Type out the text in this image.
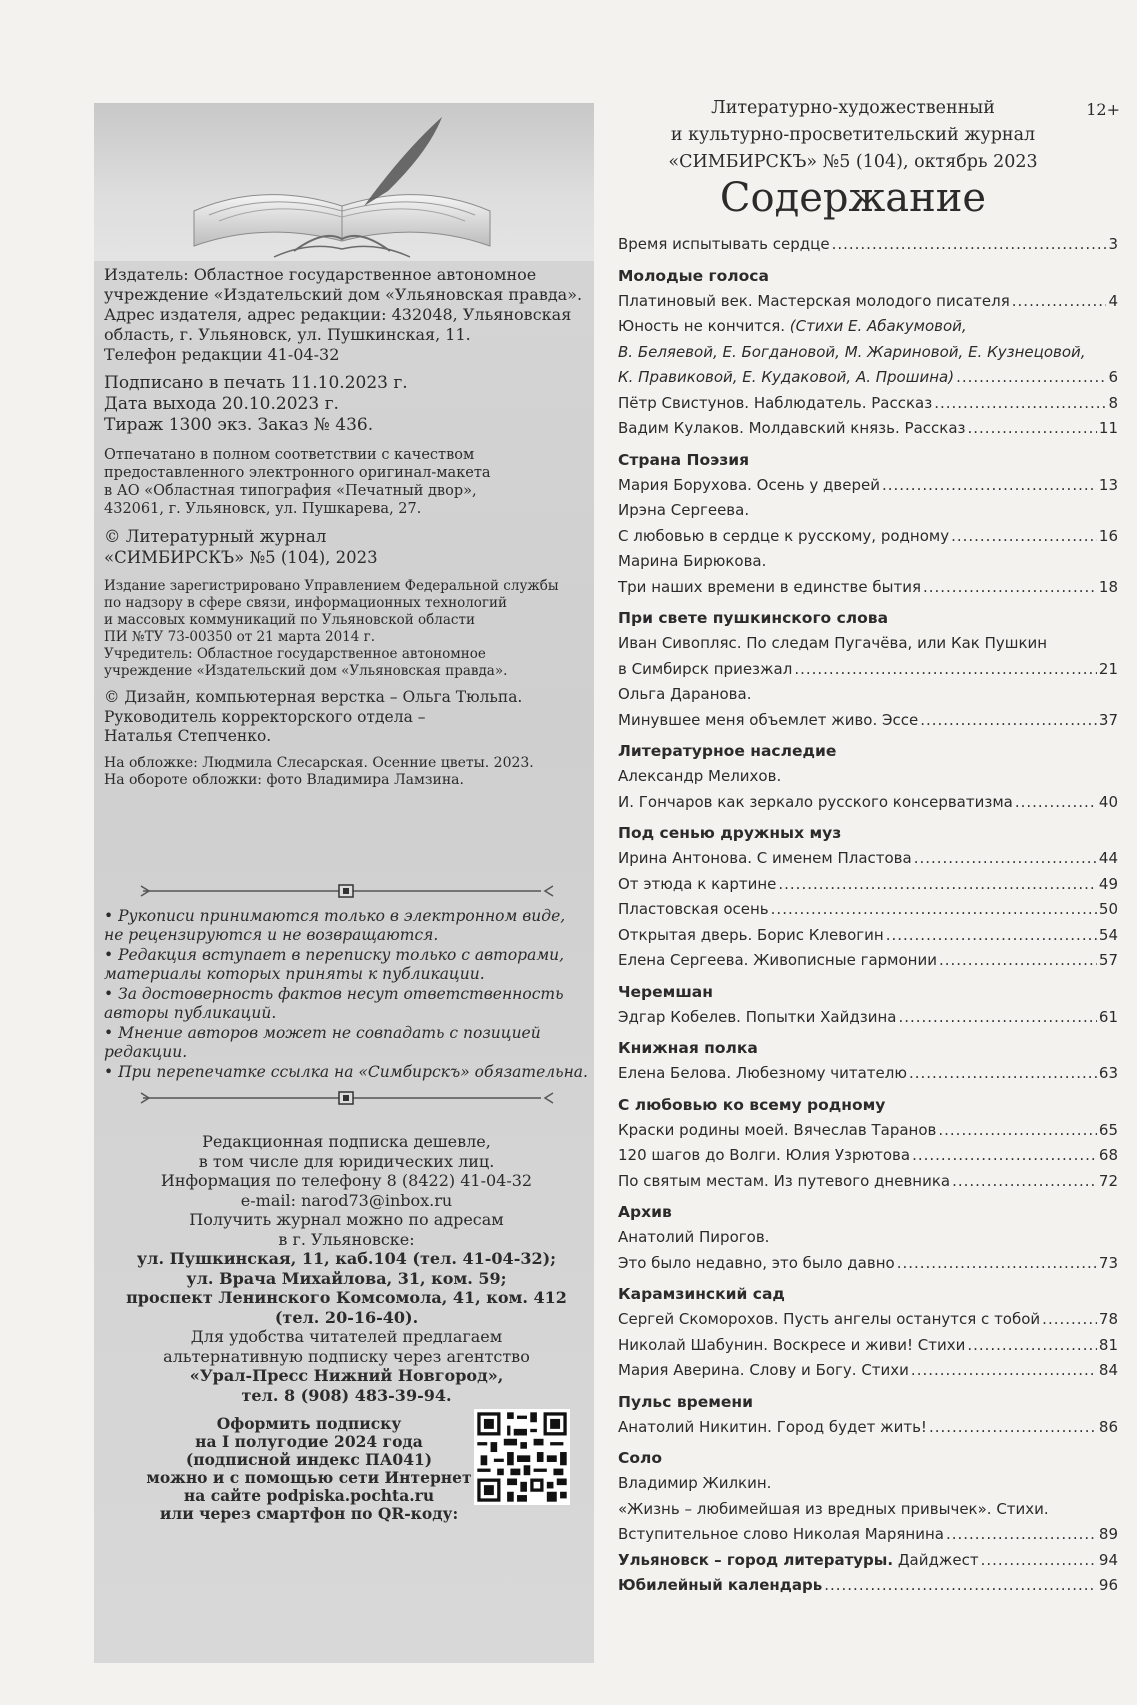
Издатель: Областное государственное автономное
учреждение «Издательский дом «Ульяновская правда».
Адрес издателя, адрес редакции: 432048, Ульяновская
область, г. Ульяновск, ул. Пушкинская, 11.
Телефон редакции 41-04-32

Подписано в печать 11.10.2023 г.
Дата выхода 20.10.2023 г.
Тираж 1300 экз. Заказ № 436.

Отпечатано в полном соответствии с качеством
предоставленного электронного оригинал-макета
в АО «Областная типография «Печатный двор»,
432061, г. Ульяновск, ул. Пушкарева, 27.

© Литературный журнал
«СИМБИРСКЪ» №5 (104), 2023

Издание зарегистрировано Управлением Федеральной службы
по надзору в сфере связи, информационных технологий
и массовых коммуникаций по Ульяновской области
ПИ №ТУ 73-00350 от 21 марта 2014 г.
Учредитель: Областное государственное автономное
учреждение «Издательский дом «Ульяновская правда».

© Дизайн, компьютерная верстка – Ольга Тюльпа.
Руководитель корректорского отдела –
Наталья Степченко.

На обложке: Людмила Слесарская. Осенние цветы. 2023.
На обороте обложки: фото Владимира Ламзина.

• Рукописи принимаются только в электронном виде,
не рецензируются и не возвращаются.
• Редакция вступает в переписку только с авторами,
материалы которых приняты к публикации.
• За достоверность фактов несут ответственность
авторы публикаций.
• Мнение авторов может не совпадать с позицией
редакции.
• При перепечатке ссылка на «Симбирскъ» обязательна.

Редакционная подписка дешевле,
в том числе для юридических лиц.
Информация по телефону 8 (8422) 41-04-32
e-mail: narod73@inbox.ru
Получить журнал можно по адресам
в г. Ульяновске:
ул. Пушкинская, 11, каб.104 (тел. 41-04-32);
ул. Врача Михайлова, 31, ком. 59;
проспект Ленинского Комсомола, 41, ком. 412
(тел. 20-16-40).
Для удобства читателей предлагаем
альтернативную подписку через агентство
«Урал-Пресс Нижний Новгород»,
тел. 8 (908) 483-39-94.
Оформить подписку
на I полугодие 2024 года
(подписной индекс ПА041)
можно и с помощью сети Интернет
на сайте podpiska.pochta.ru
или через смартфон по QR-коду:
12+
Литературно-художественный
и культурно-просветительский журнал
«СИМБИРСКЪ» №5 (104), октябрь 2023
Содержание
Время испытывать сердце .....	3
Молодые голоса
Платиновый век. Мастерская молодого писателя .....	4
Юность не кончится. (Стихи Е. Абакумовой,
В. Беляевой, Е. Богдановой, М. Жариновой, Е. Кузнецовой,
К. Правиковой, Е. Кудаковой, А. Прошина) .....	6
Пётр Свистунов. Наблюдатель. Рассказ .....	8
Вадим Кулаков. Молдавский князь. Рассказ .....	11
Страна Поэзия
Мария Борухова. Осень у дверей .....	13
Ирэна Сергеева.
С любовью в сердце к русскому, родному .....	16
Марина Бирюкова.
Три наших времени в единстве бытия .....	18
При свете пушкинского слова
Иван Сивопляс. По следам Пугачёва, или Как Пушкин
в Симбирск приезжал .....	21
Ольга Даранова.
Минувшее меня объемлет живо. Эссе .....	37
Литературное наследие
Александр Мелихов.
И. Гончаров как зеркало русского консерватизма .....	40
Под сенью дружных муз
Ирина Антонова. С именем Пластова .....	44
От этюда к картине .....	49
Пластовская осень .....	50
Открытая дверь. Борис Клевогин .....	54
Елена Сергеева. Живописные гармонии .....	57
Черемшан
Эдгар Кобелев. Попытки Хайдзина .....	61
Книжная полка
Елена Белова. Любезному читателю .....	63
С любовью ко всему родному
Краски родины моей. Вячеслав Таранов .....	65
120 шагов до Волги. Юлия Узрютова .....	68
По святым местам. Из путевого дневника .....	72
Архив
Анатолий Пирогов.
Это было недавно, это было давно .....	73
Карамзинский сад
Сергей Скоморохов. Пусть ангелы останутся с тобой .....	78
Николай Шабунин. Воскресе и живи! Стихи .....	81
Мария Аверина. Слову и Богу. Стихи .....	84
Пульс времени
Анатолий Никитин. Город будет жить! .....	86
Соло
Владимир Жилкин.
«Жизнь – любимейшая из вредных привычек». Стихи.
Вступительное слово Николая Марянина .....	89
Ульяновск – город литературы. Дайджест .....	94
Юбилейный календарь .....	96
